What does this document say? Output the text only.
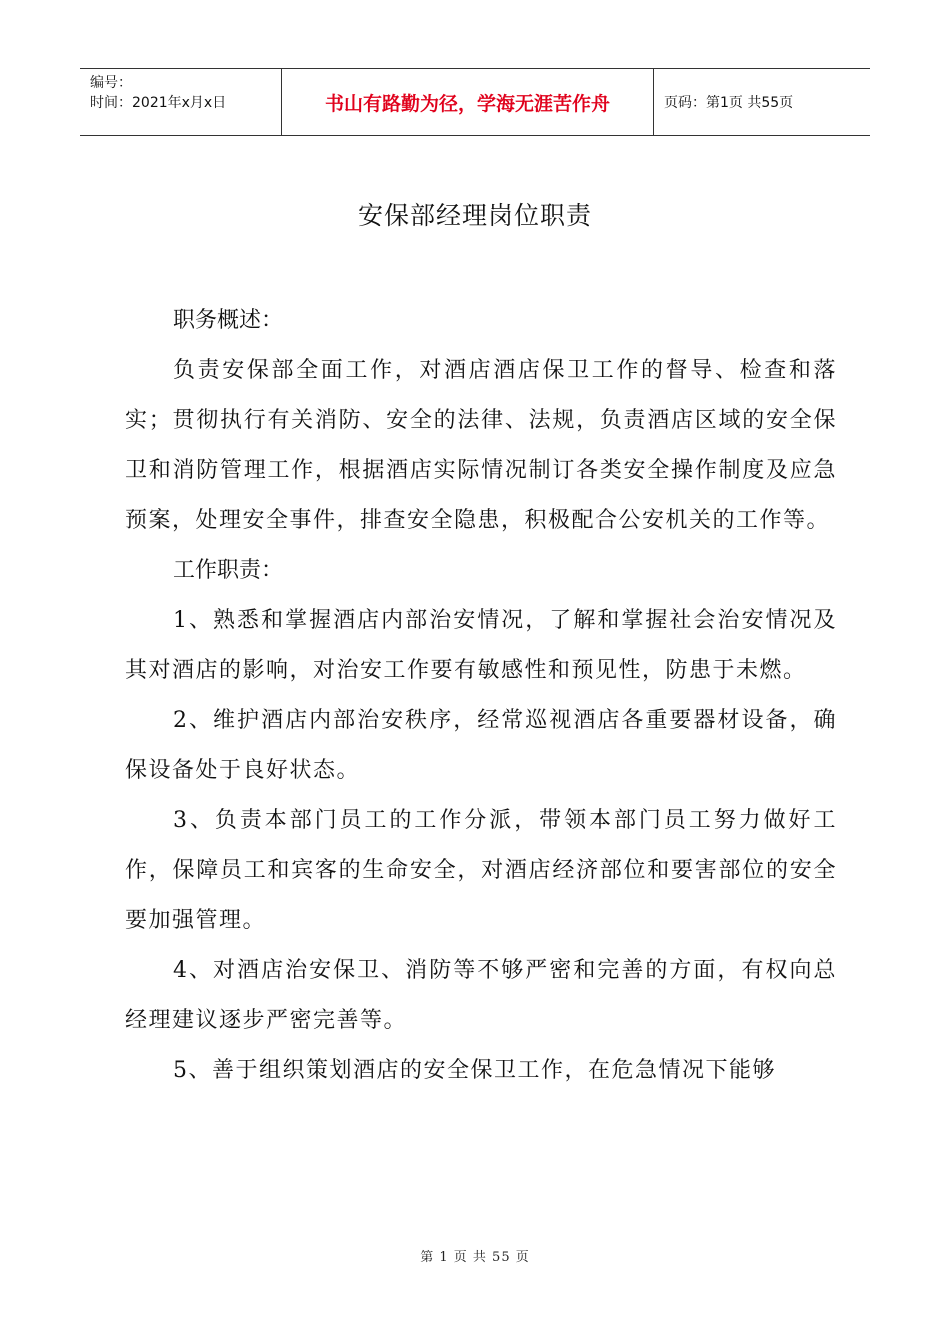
编号：
时间：2021年x月x日	书山有路勤为径，学海无涯苦作舟	页码：第1页 共55页
安保部经理岗位职责
职务概述：

负责安保部全面工作，对酒店酒店保卫工作的督导、检查和落实；贯彻执行有关消防、安全的法律、法规，负责酒店区域的安全保卫和消防管理工作，根据酒店实际情况制订各类安全操作制度及应急预案，处理安全事件，排查安全隐患，积极配合公安机关的工作等。

工作职责：

1、熟悉和掌握酒店内部治安情况，了解和掌握社会治安情况及其对酒店的影响，对治安工作要有敏感性和预见性，防患于未燃。

2、维护酒店内部治安秩序，经常巡视酒店各重要器材设备，确保设备处于良好状态。

3、负责本部门员工的工作分派，带领本部门员工努力做好工作，保障员工和宾客的生命安全，对酒店经济部位和要害部位的安全要加强管理。

4、对酒店治安保卫、消防等不够严密和完善的方面，有权向总经理建议逐步严密完善等。

5、善于组织策划酒店的安全保卫工作，在危急情况下能够

第 1 页 共 55 页
